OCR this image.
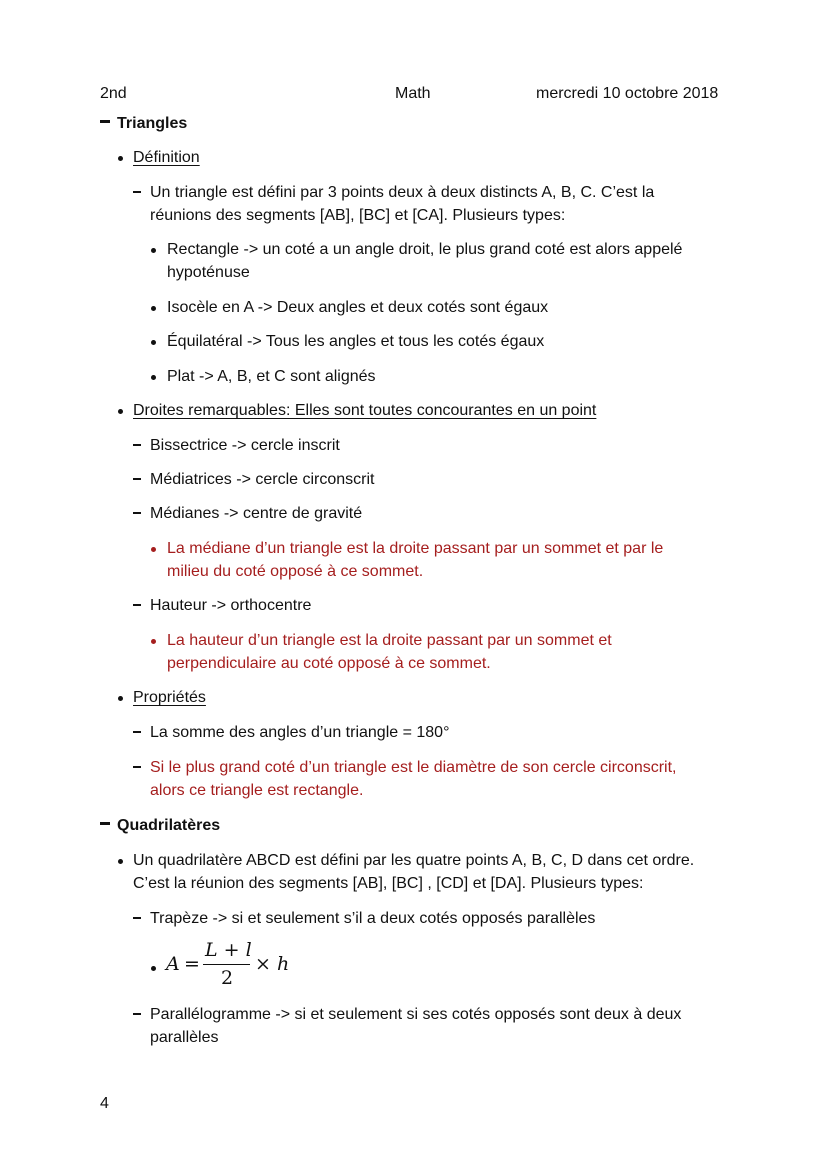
2nd	Math	mercredi 10 octobre 2018
Triangles
Définition
Un triangle est défini par 3 points deux à deux distincts A, B, C. C’est la
réunions des segments [AB], [BC] et [CA]. Plusieurs types:
Rectangle -> un coté a un angle droit, le plus grand coté est alors appelé
hypoténuse
Isocèle en A -> Deux angles et deux cotés sont égaux
Équilatéral -> Tous les angles et tous les cotés égaux
Plat -> A, B, et C sont alignés
Droites remarquables: Elles sont toutes concourantes en un point
Bissectrice -> cercle inscrit
Médiatrices -> cercle circonscrit
Médianes -> centre de gravité
La médiane d’un triangle est la droite passant par un sommet et par le
milieu du coté opposé à ce sommet.
Hauteur -> orthocentre
La hauteur d’un triangle est la droite passant par un sommet et
perpendiculaire au coté opposé à ce sommet.
Propriétés
La somme des angles d’un triangle = 180°
Si le plus grand coté d’un triangle est le diamètre de son cercle circonscrit,
alors ce triangle est rectangle.
Quadrilatères
Un quadrilatère ABCD est défini par les quatre points A, B, C, D dans cet ordre.
C’est la réunion des segments [AB], [BC] , [CD] et [DA]. Plusieurs types:
Trapèze -> si et seulement s’il a deux cotés opposés parallèles
A =
L + l
2
× h
Parallélogramme -> si et seulement si ses cotés opposés sont deux à deux
parallèles
4
